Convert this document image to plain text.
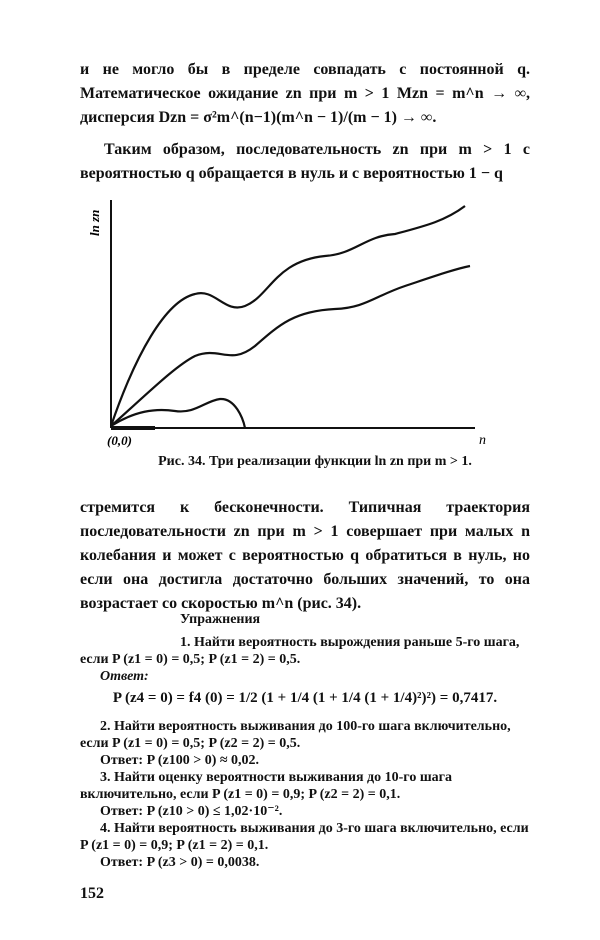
и не могло бы в пределе совпадать с постоянной q. Математическое ожидание zn при m > 1 Mzn = m^n → ∞, дисперсия Dzn = σ²m^(n−1)(m^n − 1)/(m − 1) → ∞.

Таким образом, последовательность zn при m > 1 с вероятностью q обращается в нуль и с вероятностью 1 − q

ln zn
n
(0,0)
Рис. 34. Три реализации функции ln zn при m > 1.

стремится к бесконечности. Типичная траектория последовательности zn при m > 1 совершает при малых n колебания и может с вероятностью q обратиться в нуль, но если она достигла достаточно больших значений, то она возрастает со скоростью m^n (рис. 34).

Упражнения

1. Найти вероятность вырождения раньше 5-го шага, если P (z1 = 0) = 0,5; P (z1 = 2) = 0,5.

Ответ:
P (z4 = 0) = f4 (0) = 1/2 (1 + 1/4 (1 + 1/4 (1 + 1/4)²)²) = 0,7417.

2. Найти вероятность выживания до 100-го шага включительно, если P (z1 = 0) = 0,5; P (z2 = 2) = 0,5.

Ответ: P (z100 > 0) ≈ 0,02.

3. Найти оценку вероятности выживания до 10-го шага включительно, если P (z1 = 0) = 0,9; P (z2 = 2) = 0,1.

Ответ: P (z10 > 0) ≤ 1,02·10⁻².

4. Найти вероятность выживания до 3-го шага включительно, если P (z1 = 0) = 0,9; P (z1 = 2) = 0,1.

Ответ: P (z3 > 0) = 0,0038.
152
